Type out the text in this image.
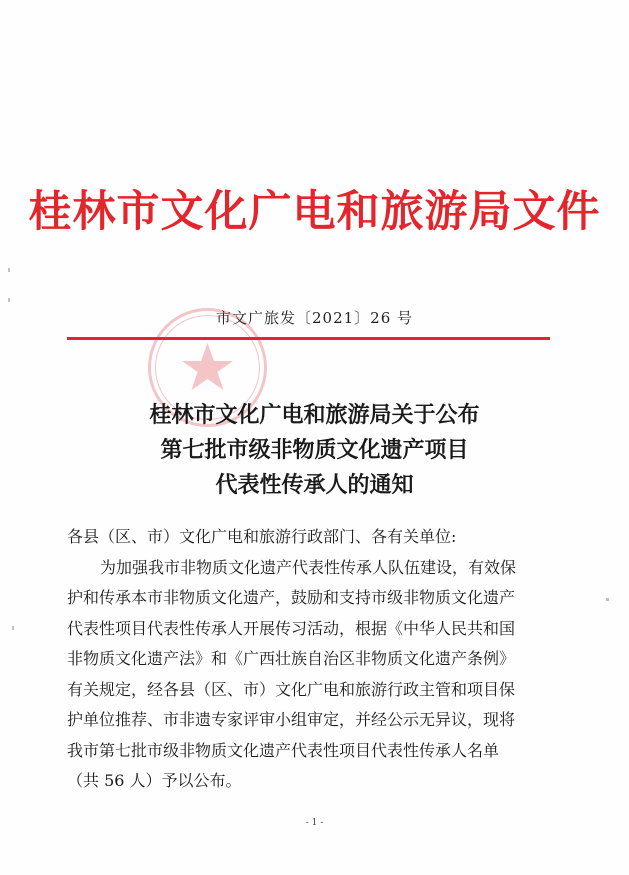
桂林市文化广电和旅游局文件
市文广旅发〔2021〕26 号
桂林市文化广电和旅游局关于公布
第七批市级非物质文化遗产项目
代表性传承人的通知
各县（区、市）文化广电和旅游行政部门、各有关单位:
为加强我市非物质文化遗产代表性传承人队伍建设，有效保
护和传承本市非物质文化遗产，鼓励和支持市级非物质文化遗产
代表性项目代表性传承人开展传习活动，根据《中华人民共和国
非物质文化遗产法》和《广西壮族自治区非物质文化遗产条例》
有关规定，经各县（区、市）文化广电和旅游行政主管和项目保
护单位推荐、市非遗专家评审小组审定，并经公示无异议，现将
我市第七批市级非物质文化遗产代表性项目代表性传承人名单
（共 56 人）予以公布。
- 1 -
